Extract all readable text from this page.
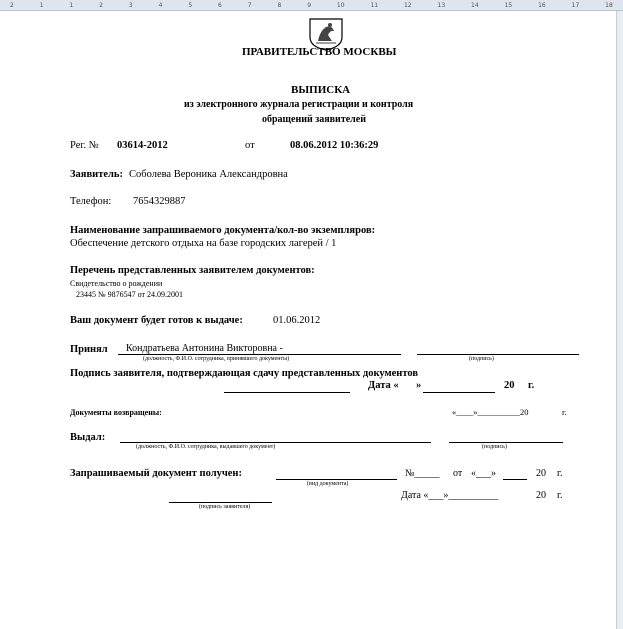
2	1	1	2	3	4	5	6	7	8	9	10	11	12	13	14	15	16	17	18
ПРАВИТЕЛЬСТВО МОСКВЫ
ВЫПИСКА
из электронного журнала регистрации и контроля
обращений заявителей
Рег. № 03614-2012	от	08.06.2012 10:36:29
Заявитель: Соболева Вероника Александровна
Телефон: 7654329887
Наименование запрашиваемого документа/кол-во экземпляров:
Обеспечение детского отдыха на базе городских лагерей / 1
Перечень представленных заявителем документов:
Свидетельство о рождении
23445 № 9876547 от 24.09.2001
Ваш документ будет готов к выдаче:	01.06.2012
Принял Кондратьева Антонина Викторовна -
(должность, Ф.И.О. сотрудника, принявшего документы)	(подпись)
Подпись заявителя, подтверждающая сдачу представленных документов
Дата « »	20 г.
Документы возвращены:	«____»__________20	г.
Выдал:
(должность, Ф.И.О. сотрудника, выдавшего документ)	(подпись)
Запрашиваемый документ получен:
(вид документа)
№_____ от «___»	20 г.
(подпись заявителя)
Дата «___»__________	20 г.
